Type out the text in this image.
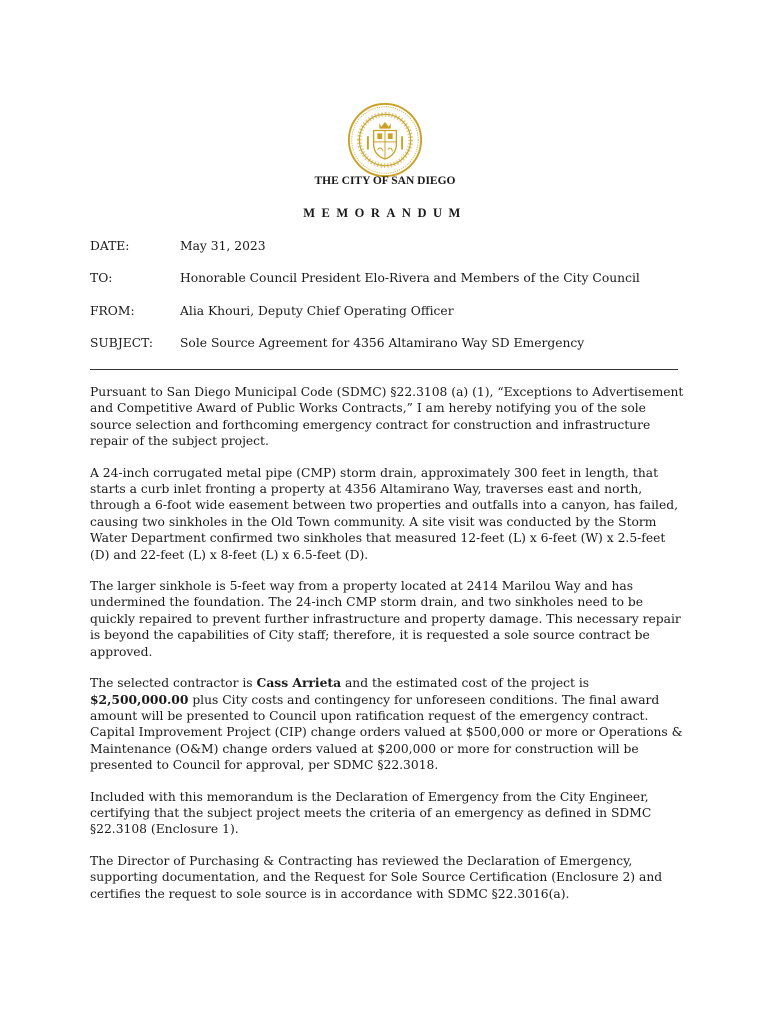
THE CITY OF SAN DIEGO
MEMORANDUM
DATE:	May 31, 2023
TO:	Honorable Council President Elo-Rivera and Members of the City Council
FROM:	Alia Khouri, Deputy Chief Operating Officer
SUBJECT: Sole Source Agreement for 4356 Altamirano Way SD Emergency

Pursuant to San Diego Municipal Code (SDMC) §22.3108 (a) (1), “Exceptions to Advertisement and Competitive Award of Public Works Contracts,” I am hereby notifying you of the sole source selection and forthcoming emergency contract for construction and infrastructure repair of the subject project.

A 24-inch corrugated metal pipe (CMP) storm drain, approximately 300 feet in length, that starts a curb inlet fronting a property at 4356 Altamirano Way, traverses east and north, through a 6-foot wide easement between two properties and outfalls into a canyon, has failed, causing two sinkholes in the Old Town community. A site visit was conducted by the Storm Water Department confirmed two sinkholes that measured 12-feet (L) x 6-feet (W) x 2.5-feet (D) and 22-feet (L) x 8-feet (L) x 6.5-feet (D).

The larger sinkhole is 5-feet way from a property located at 2414 Marilou Way and has undermined the foundation. The 24-inch CMP storm drain, and two sinkholes need to be quickly repaired to prevent further infrastructure and property damage. This necessary repair is beyond the capabilities of City staff; therefore, it is requested a sole source contract be approved.

The selected contractor is Cass Arrieta and the estimated cost of the project is $2,500,000.00 plus City costs and contingency for unforeseen conditions. The final award amount will be presented to Council upon ratification request of the emergency contract. Capital Improvement Project (CIP) change orders valued at $500,000 or more or Operations & Maintenance (O&M) change orders valued at $200,000 or more for construction will be presented to Council for approval, per SDMC §22.3018.

Included with this memorandum is the Declaration of Emergency from the City Engineer, certifying that the subject project meets the criteria of an emergency as defined in SDMC §22.3108 (Enclosure 1).

The Director of Purchasing & Contracting has reviewed the Declaration of Emergency, supporting documentation, and the Request for Sole Source Certification (Enclosure 2) and certifies the request to sole source is in accordance with SDMC §22.3016(a).
